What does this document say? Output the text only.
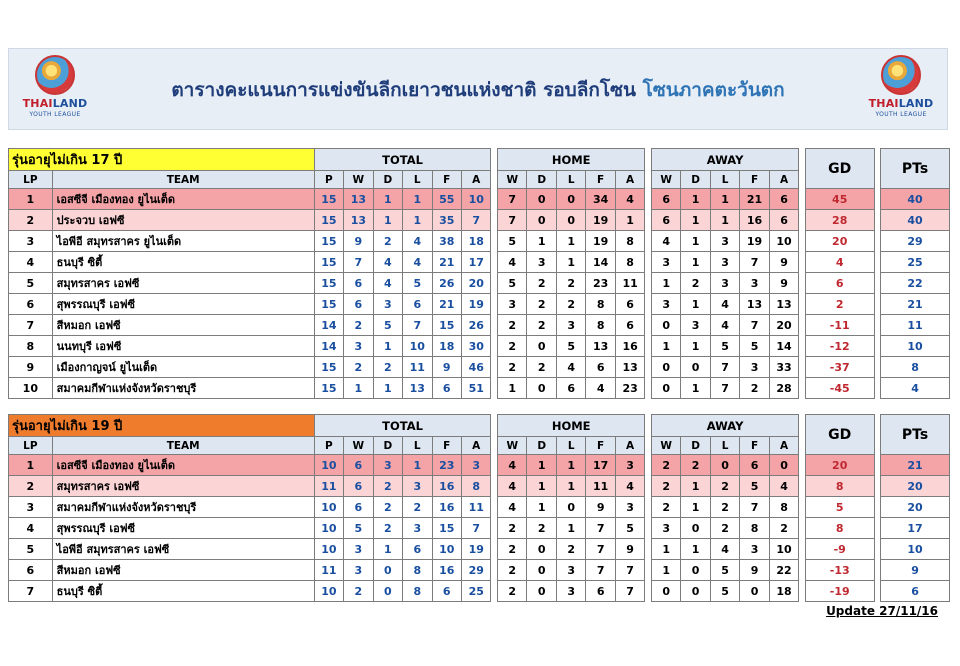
THAILAND
YOUTH LEAGUE
ตารางคะแนนการแข่งขันลีกเยาวชนแห่งชาติ รอบลีกโซน โซนภาคตะวันตก
THAILAND
YOUTH LEAGUE
รุ่นอายุไม่เกิน 17 ปี		TOTAL							HOME						AWAY						GD		PTs
LP	TEAM	P	W	D	L	F	A		W	D	L	F	A		W	D	L	F	A				
1	เอสซีจี เมืองทอง ยูไนเต็ด	15	13	1	1	55	10		7	0	0	34	4		6	1	1	21	6		45		40
2	ประจวบ เอฟซี	15	13	1	1	35	7		7	0	0	19	1		6	1	1	16	6		28		40
3	ไอพีอี สมุทรสาคร ยูไนเต็ด	15	9	2	4	38	18		5	1	1	19	8		4	1	3	19	10		20		29
4	ธนบุรี ซิตี้	15	7	4	4	21	17		4	3	1	14	8		3	1	3	7	9		4		25
5	สมุทรสาคร เอฟซี	15	6	4	5	26	20		5	2	2	23	11		1	2	3	3	9		6		22
6	สุพรรณบุรี เอฟซี	15	6	3	6	21	19		3	2	2	8	6		3	1	4	13	13		2		21
7	สีหมอก เอฟซี	14	2	5	7	15	26		2	2	3	8	6		0	3	4	7	20		-11		11
8	นนทบุรี เอฟซี	14	3	1	10	18	30		2	0	5	13	16		1	1	5	5	14		-12		10
9	เมืองกาญจน์ ยูไนเต็ด	15	2	2	11	9	46		2	2	4	6	13		0	0	7	3	33		-37		8
10	สมาคมกีฬาแห่งจังหวัดราชบุรี	15	1	1	13	6	51		1	0	6	4	23		0	1	7	2	28		-45		4
รุ่นอายุไม่เกิน 19 ปี		TOTAL							HOME						AWAY						GD		PTs
LP	TEAM	P	W	D	L	F	A		W	D	L	F	A		W	D	L	F	A				
1	เอสซีจี เมืองทอง ยูไนเต็ด	10	6	3	1	23	3		4	1	1	17	3		2	2	0	6	0		20		21
2	สมุทรสาคร เอฟซี	11	6	2	3	16	8		4	1	1	11	4		2	1	2	5	4		8		20
3	สมาคมกีฬาแห่งจังหวัดราชบุรี	10	6	2	2	16	11		4	1	0	9	3		2	1	2	7	8		5		20
4	สุพรรณบุรี เอฟซี	10	5	2	3	15	7		2	2	1	7	5		3	0	2	8	2		8		17
5	ไอพีอี สมุทรสาคร เอฟซี	10	3	1	6	10	19		2	0	2	7	9		1	1	4	3	10		-9		10
6	สีหมอก เอฟซี	11	3	0	8	16	29		2	0	3	7	7		1	0	5	9	22		-13		9
7	ธนบุรี ซิตี้	10	2	0	8	6	25		2	0	3	6	7		0	0	5	0	18		-19		6
Update 27/11/16
